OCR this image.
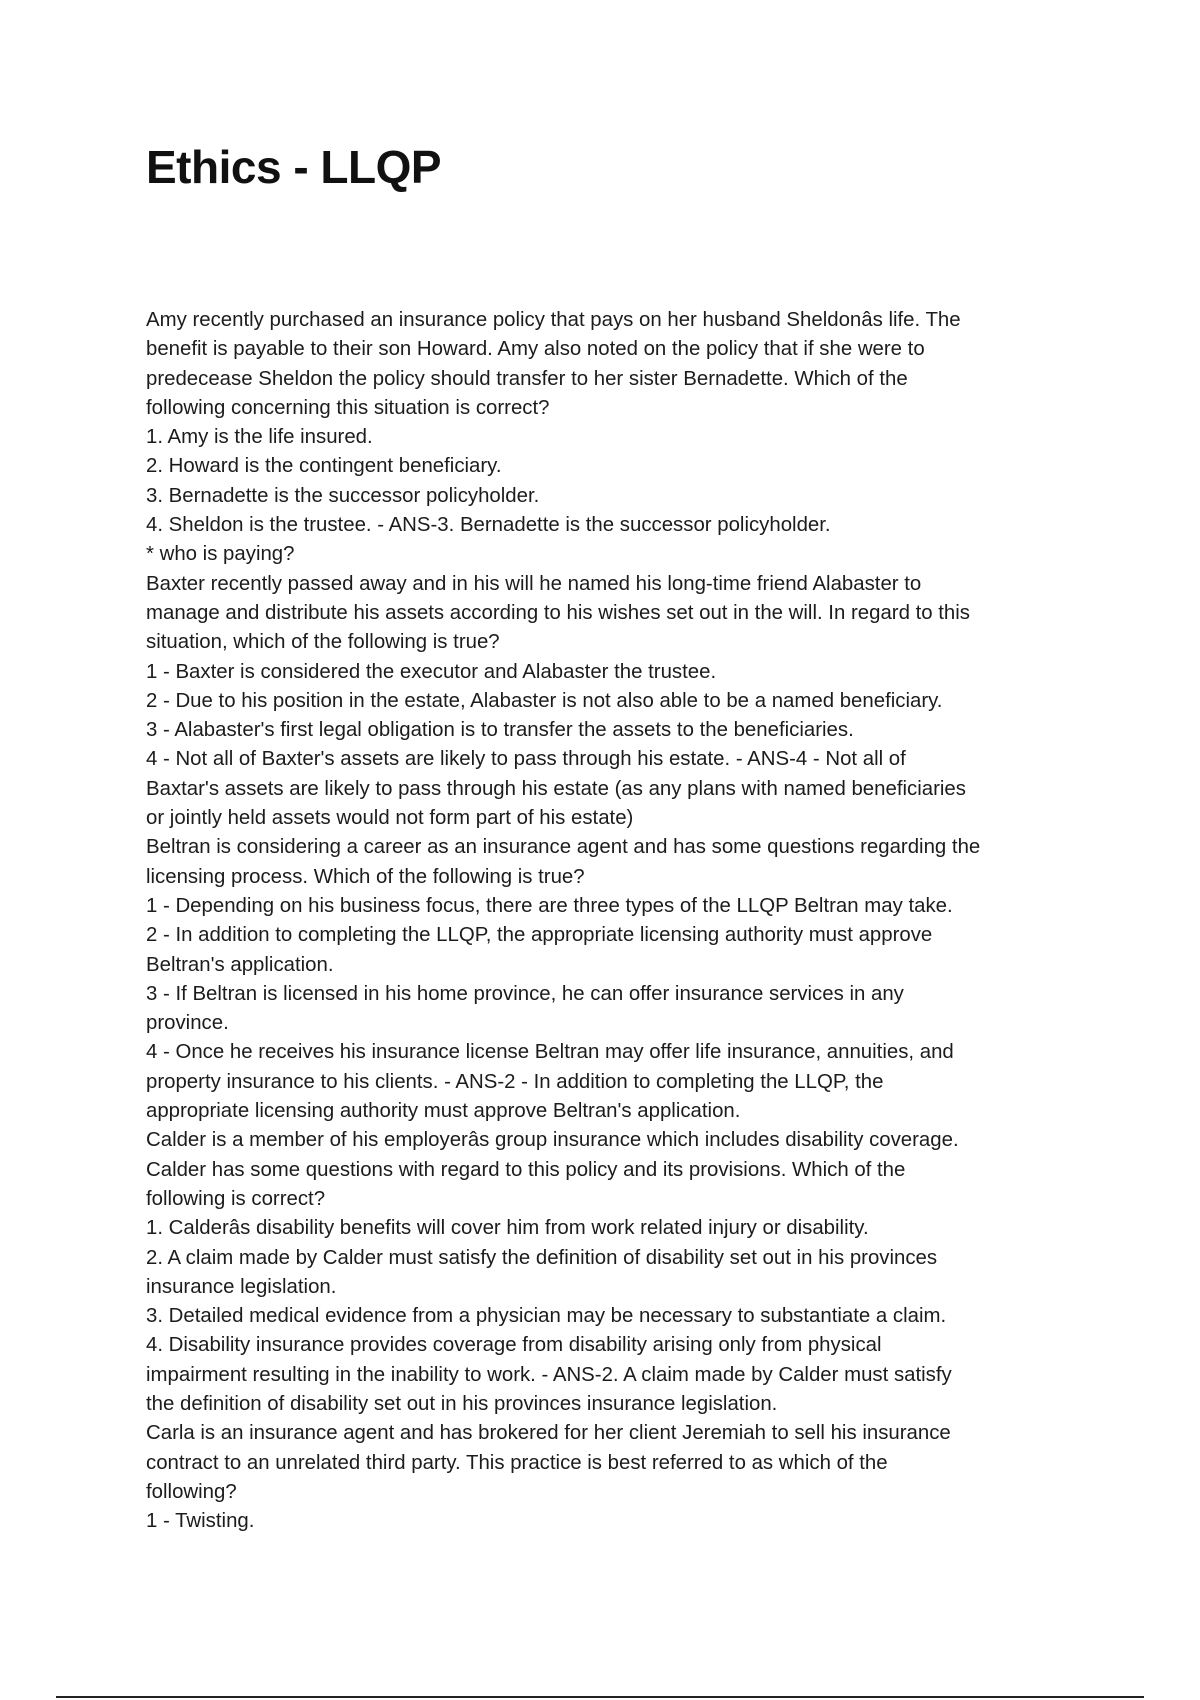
Ethics - LLQP
Amy recently purchased an insurance policy that pays on her husband Sheldonâs life. The
benefit is payable to their son Howard. Amy also noted on the policy that if she were to
predecease Sheldon the policy should transfer to her sister Bernadette. Which of the
following concerning this situation is correct?
1. Amy is the life insured.
2. Howard is the contingent beneficiary.
3. Bernadette is the successor policyholder.
4. Sheldon is the trustee. - ANS-3. Bernadette is the successor policyholder.
* who is paying?
Baxter recently passed away and in his will he named his long-time friend Alabaster to
manage and distribute his assets according to his wishes set out in the will. In regard to this
situation, which of the following is true?
1 - Baxter is considered the executor and Alabaster the trustee.
2 - Due to his position in the estate, Alabaster is not also able to be a named beneficiary.
3 - Alabaster's first legal obligation is to transfer the assets to the beneficiaries.
4 - Not all of Baxter's assets are likely to pass through his estate. - ANS-4 - Not all of
Baxtar's assets are likely to pass through his estate (as any plans with named beneficiaries
or jointly held assets would not form part of his estate)
Beltran is considering a career as an insurance agent and has some questions regarding the
licensing process. Which of the following is true?
1 - Depending on his business focus, there are three types of the LLQP Beltran may take.
2 - In addition to completing the LLQP, the appropriate licensing authority must approve
Beltran's application.
3 - If Beltran is licensed in his home province, he can offer insurance services in any
province.
4 - Once he receives his insurance license Beltran may offer life insurance, annuities, and
property insurance to his clients. - ANS-2 - In addition to completing the LLQP, the
appropriate licensing authority must approve Beltran's application.
Calder is a member of his employerâs group insurance which includes disability coverage.
Calder has some questions with regard to this policy and its provisions. Which of the
following is correct?
1. Calderâs disability benefits will cover him from work related injury or disability.
2. A claim made by Calder must satisfy the definition of disability set out in his provinces
insurance legislation.
3. Detailed medical evidence from a physician may be necessary to substantiate a claim.
4. Disability insurance provides coverage from disability arising only from physical
impairment resulting in the inability to work. - ANS-2. A claim made by Calder must satisfy
the definition of disability set out in his provinces insurance legislation.
Carla is an insurance agent and has brokered for her client Jeremiah to sell his insurance
contract to an unrelated third party. This practice is best referred to as which of the
following?
1 - Twisting.
